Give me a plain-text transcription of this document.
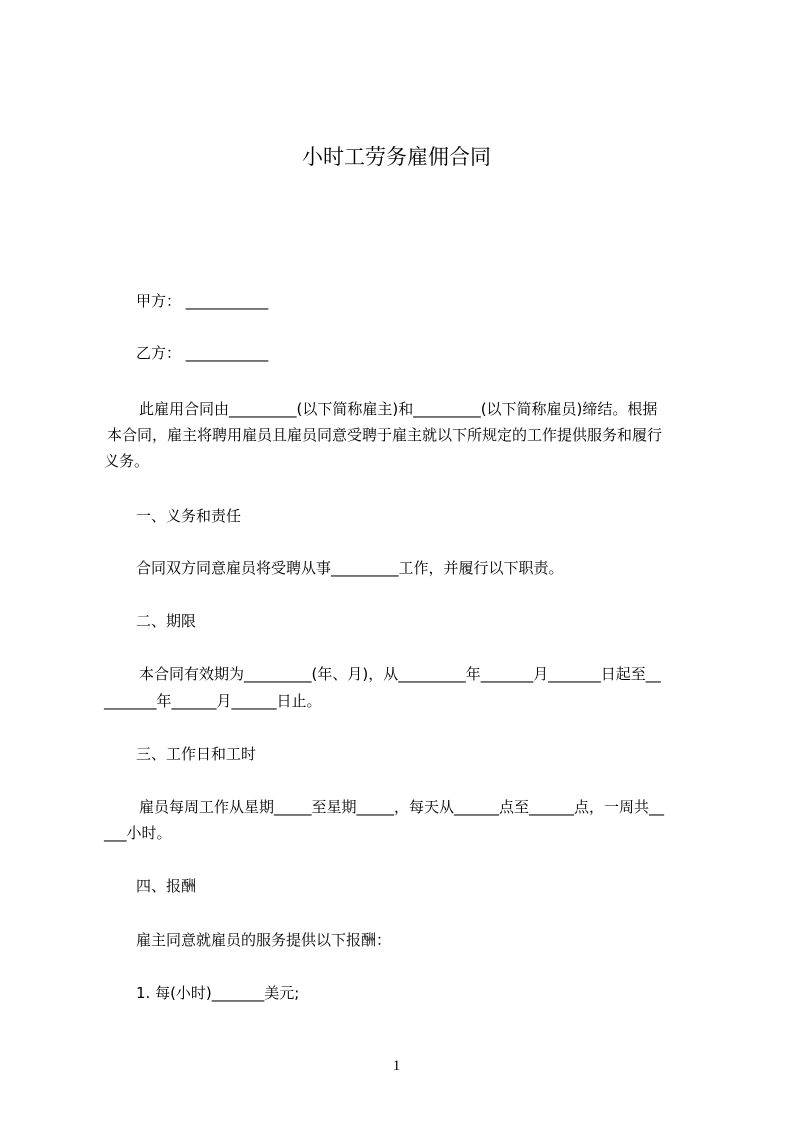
小时工劳务雇佣合同
甲方： ___________
乙方： ___________
此雇用合同由_________(以下简称雇主)和_________(以下简称雇员)缔结。根据
本合同，雇主将聘用雇员且雇员同意受聘于雇主就以下所规定的工作提供服务和履行
义务。
一、义务和责任
合同双方同意雇员将受聘从事_________工作，并履行以下职责。
二、期限
本合同有效期为_________(年、月)，从_________年_______月_______日起至__
_______年______月______日止。
三、工作日和工时
雇员每周工作从星期_____至星期_____，每天从______点至______点，一周共__
___小时。
四、报酬
雇主同意就雇员的服务提供以下报酬：
1. 每(小时)_______美元;
1
